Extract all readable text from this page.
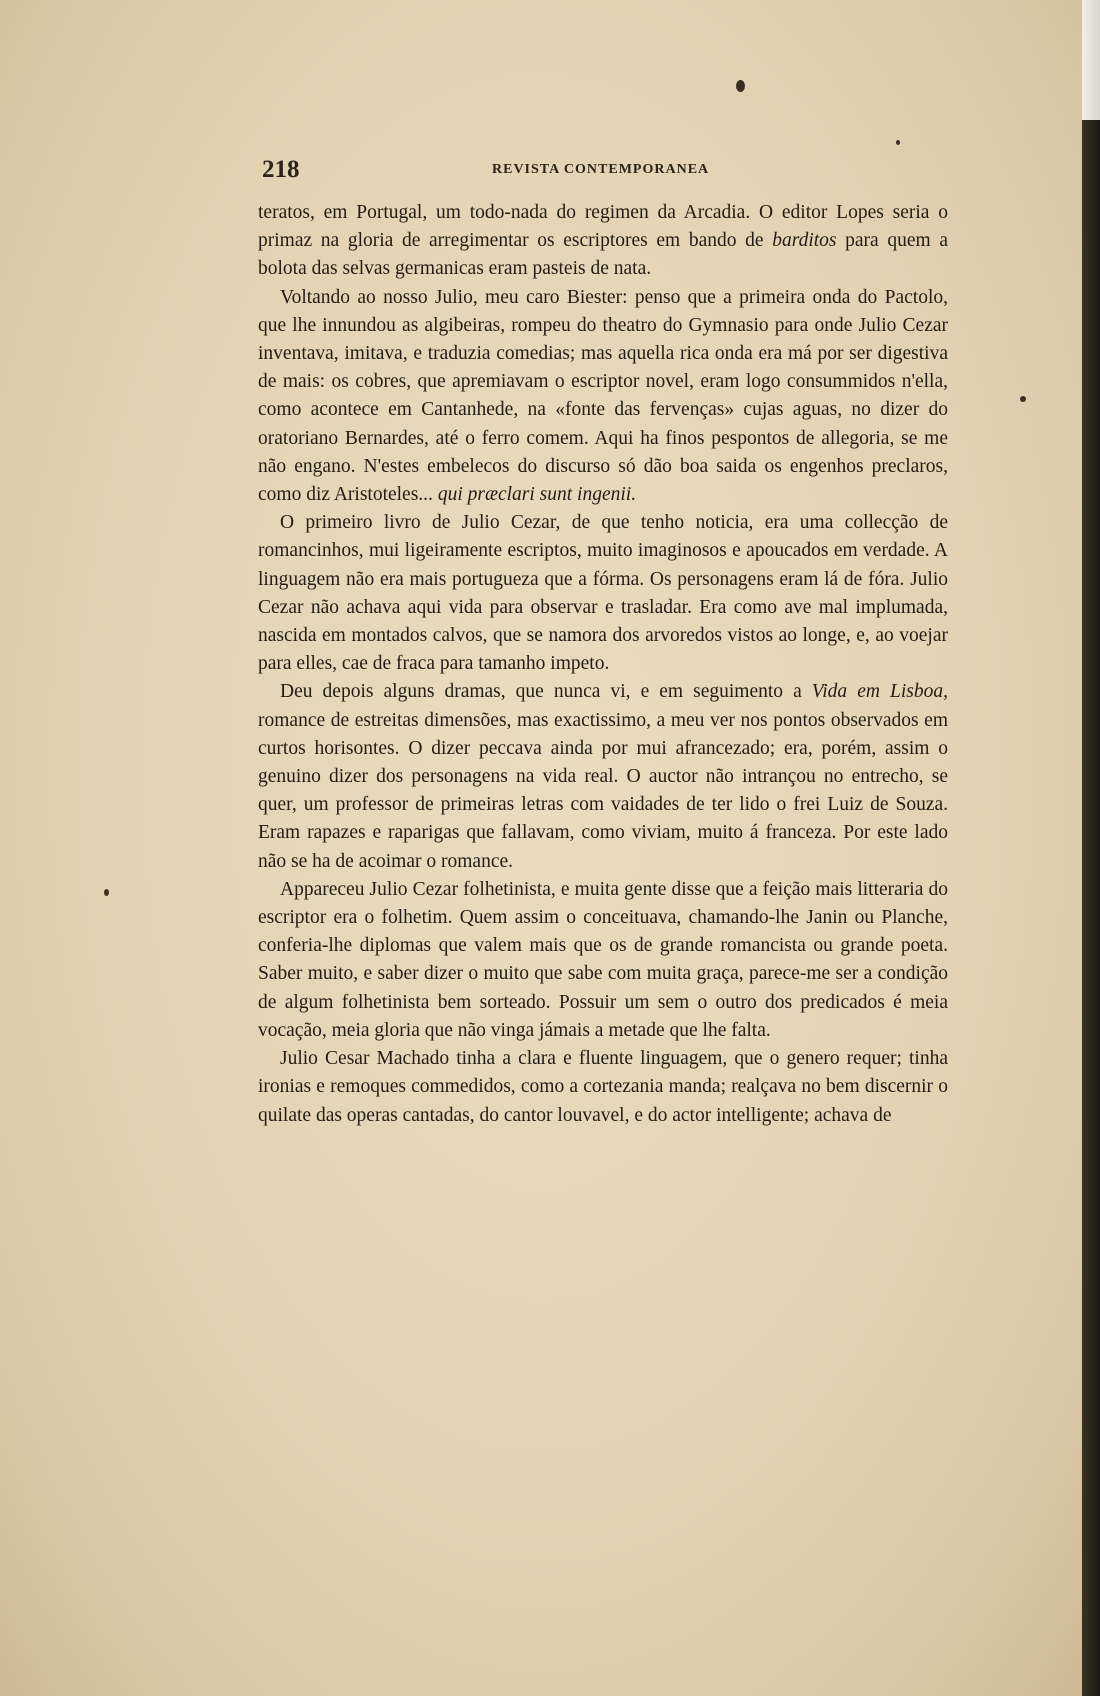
218	REVISTA CONTEMPORANEA

teratos, em Portugal, um todo-nada do regimen da Arcadia. O editor Lopes seria o primaz na gloria de arregimentar os escriptores em bando de barditos para quem a bolota das selvas germanicas eram pasteis de nata.

Voltando ao nosso Julio, meu caro Biester: penso que a primeira onda do Pactolo, que lhe innundou as algibeiras, rompeu do theatro do Gymnasio para onde Julio Cezar inventava, imitava, e traduzia comedias; mas aquella rica onda era má por ser digestiva de mais: os cobres, que apremiavam o escriptor novel, eram logo consummidos n'ella, como acontece em Cantanhede, na «fonte das fervenças» cujas aguas, no dizer do oratoriano Bernardes, até o ferro comem. Aqui ha finos pespontos de allegoria, se me não engano. N'estes embelecos do discurso só dão boa saida os engenhos preclaros, como diz Aristoteles... qui præclari sunt ingenii.

O primeiro livro de Julio Cezar, de que tenho noticia, era uma collecção de romancinhos, mui ligeiramente escriptos, muito imaginosos e apoucados em verdade. A linguagem não era mais portugueza que a fórma. Os personagens eram lá de fóra. Julio Cezar não achava aqui vida para observar e trasladar. Era como ave mal implumada, nascida em montados calvos, que se namora dos arvoredos vistos ao longe, e, ao voejar para elles, cae de fraca para tamanho impeto.

Deu depois alguns dramas, que nunca vi, e em seguimento a Vida em Lisboa, romance de estreitas dimensões, mas exactissimo, a meu ver nos pontos observados em curtos horisontes. O dizer peccava ainda por mui afrancezado; era, porém, assim o genuino dizer dos personagens na vida real. O auctor não intrançou no entrecho, se quer, um professor de primeiras letras com vaidades de ter lido o frei Luiz de Souza. Eram rapazes e raparigas que fallavam, como viviam, muito á franceza. Por este lado não se ha de acoimar o romance.

Appareceu Julio Cezar folhetinista, e muita gente disse que a feição mais litteraria do escriptor era o folhetim. Quem assim o conceituava, chamando-lhe Janin ou Planche, conferia-lhe diplomas que valem mais que os de grande romancista ou grande poeta. Saber muito, e saber dizer o muito que sabe com muita graça, parece-me ser a condição de algum folhetinista bem sorteado. Possuir um sem o outro dos predicados é meia vocação, meia gloria que não vinga jámais a metade que lhe falta.

Julio Cesar Machado tinha a clara e fluente linguagem, que o genero requer; tinha ironias e remoques commedidos, como a cortezania manda; realçava no bem discernir o quilate das operas cantadas, do cantor louvavel, e do actor intelligente; achava de
